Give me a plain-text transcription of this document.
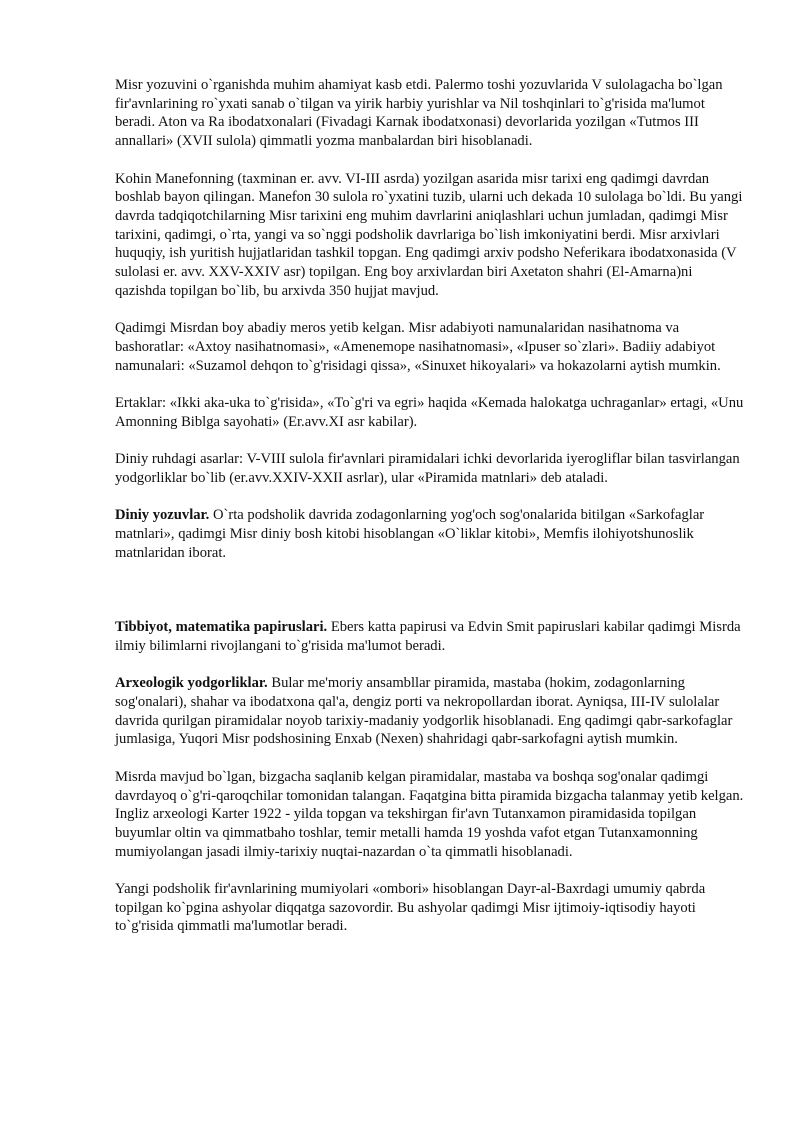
Misr yozuvini o`rganishda muhim ahamiyat kasb etdi. Palermo toshi yozuvlarida V sulolagacha bo`lgan fir'avnlarining ro`yxati sanab o`tilgan va yirik harbiy yurishlar va Nil toshqinlari to`g'risida ma'lumot beradi. Aton va Ra ibodatxonalari (Fivadagi Karnak ibodatxonasi) devorlarida yozilgan «Tutmos III annallari» (XVII sulola) qimmatli yozma manbalardan biri hisoblanadi.

Kohin Manefonning (taxminan er. avv. VI-III asrda) yozilgan asarida misr tarixi eng qadimgi davrdan boshlab bayon qilingan. Manefon 30 sulola ro`yxatini tuzib, ularni uch dekada 10 sulolaga bo`ldi. Bu yangi davrda tadqiqotchilarning Misr tarixini eng muhim davrlarini aniqlashlari uchun jumladan, qadimgi Misr tarixini, qadimgi, o`rta, yangi va so`nggi podsholik davrlariga bo`lish imkoniyatini berdi. Misr arxivlari huquqiy, ish yuritish hujjatlaridan tashkil topgan. Eng qadimgi arxiv podsho Neferikara ibodatxonasida (V sulolasi er. avv. XXV-XXIV asr) topilgan. Eng boy arxivlardan biri Axetaton shahri (El-Amarna)ni qazishda topilgan bo`lib, bu arxivda 350 hujjat mavjud.

Qadimgi Misrdan boy abadiy meros yetib kelgan. Misr adabiyoti namunalaridan nasihatnoma va bashoratlar: «Axtoy nasihatnomasi», «Amenemope nasihatnomasi», «Ipuser so`zlari». Badiiy adabiyot namunalari: «Suzamol dehqon to`g'risidagi qissa», «Sinuxet hikoyalari» va hokazolarni aytish mumkin.

Ertaklar: «Ikki aka-uka to`g'risida», «To`g'ri va egri» haqida «Kemada halokatga uchraganlar» ertagi, «Unu Amonning Biblga sayohati» (Er.avv.XI asr kabilar).

Diniy ruhdagi asarlar: V-VIII sulola fir'avnlari piramidalari ichki devorlarida iyerogliflar bilan tasvirlangan yodgorliklar bo`lib (er.avv.XXIV-XXII asrlar), ular «Piramida matnlari» deb ataladi.

Diniy yozuvlar. O`rta podsholik davrida zodagonlarning yog'och sog'onalarida bitilgan «Sarkofaglar matnlari», qadimgi Misr diniy bosh kitobi hisoblangan «O`liklar kitobi», Memfis ilohiyotshunoslik matnlaridan iborat.

Tibbiyot, matematika papiruslari. Ebers katta papirusi va Edvin Smit papiruslari kabilar qadimgi Misrda ilmiy bilimlarni rivojlangani to`g'risida ma'lumot beradi.

Arxeologik yodgorliklar. Bular me'moriy ansambllar piramida, mastaba (hokim, zodagonlarning sog'onalari), shahar va ibodatxona qal'a, dengiz porti va nekropollardan iborat. Ayniqsa, III-IV sulolalar davrida qurilgan piramidalar noyob tarixiy-madaniy yodgorlik hisoblanadi. Eng qadimgi qabr-sarkofaglar jumlasiga, Yuqori Misr podshosining Enxab (Nexen) shahridagi qabr-sarkofagni aytish mumkin.

Misrda mavjud bo`lgan, bizgacha saqlanib kelgan piramidalar, mastaba va boshqa sog'onalar qadimgi davrdayoq o`g'ri-qaroqchilar tomonidan talangan. Faqatgina bitta piramida bizgacha talanmay yetib kelgan. Ingliz arxeologi Karter 1922 - yilda topgan va tekshirgan fir'avn Tutanxamon piramidasida topilgan buyumlar oltin va qimmatbaho toshlar, temir metalli hamda 19 yoshda vafot etgan Tutanxamonning mumiyolangan jasadi ilmiy-tarixiy nuqtai-nazardan o`ta qimmatli hisoblanadi.

Yangi podsholik fir'avnlarining mumiyolari «ombori» hisoblangan Dayr-al-Baxrdagi umumiy qabrda topilgan ko`pgina ashyolar diqqatga sazovordir. Bu ashyolar qadimgi Misr ijtimoiy-iqtisodiy hayoti to`g'risida qimmatli ma'lumotlar beradi.
